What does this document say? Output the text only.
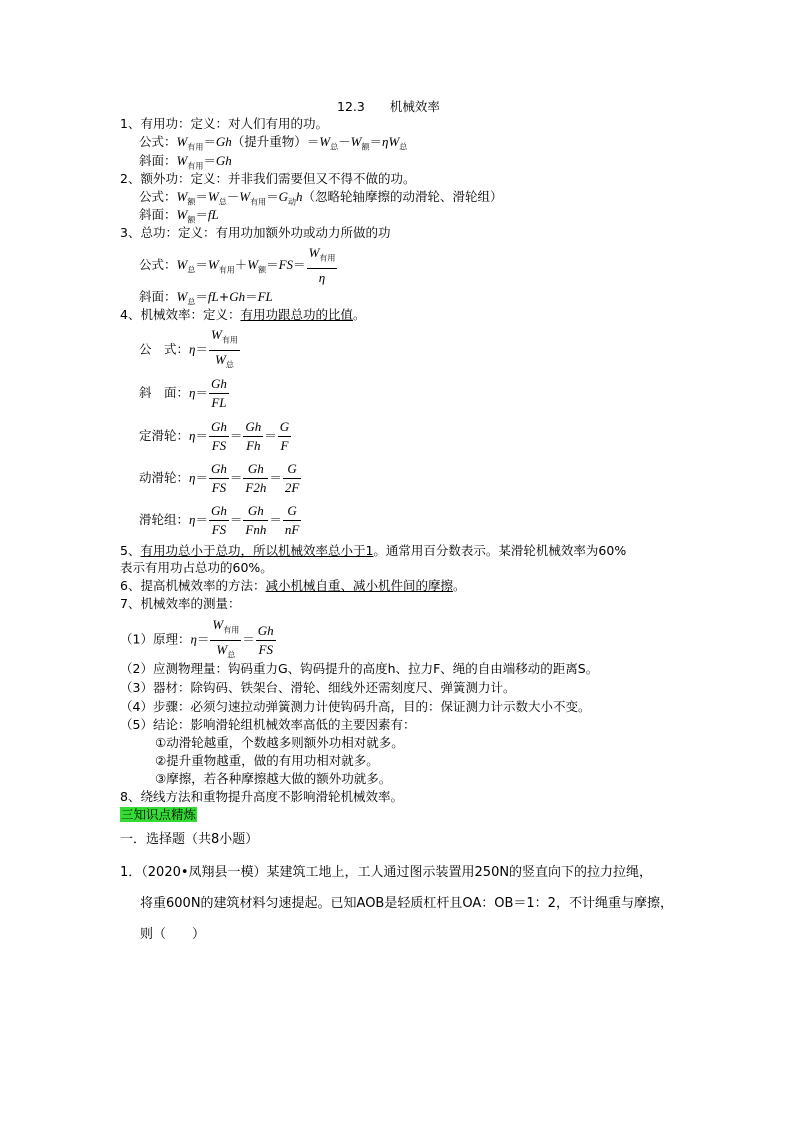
12.3　　机械效率
1、有用功：定义：对人们有用的功。
公式：$W_{有用}=Gh$（提升重物）$=W_总-W_额=\eta W_总$
斜面：$W_{有用}=Gh$
2、额外功：定义：并非我们需要但又不得不做的功。
公式：$W_额=W_总-W_{有用}=G_动h$（忽略轮轴摩擦的动滑轮、滑轮组）
斜面：$W_额=fL$
3、总功：定义：有用功加额外功或动力所做的功
公式：$W_总=W_{有用}+W_额=FS= \frac{W_{有用}}{\eta}$
斜面：$W_总=fL+Gh=FL$
4、机械效率：定义：有用功跟总功的比值。
公　式：$\eta= \frac{W_{有用}}{W_总}$
斜　面：$\eta= \frac{Gh}{FL}$
定滑轮：$\eta= \frac{Gh}{FS} = \frac{Gh}{Fh} = \frac{G}{F}$
动滑轮：$\eta= \frac{Gh}{FS} = \frac{Gh}{F2h} = \frac{G}{2F}$
滑轮组：$\eta= \frac{Gh}{FS} = \frac{Gh}{\text{Fnh}} = \frac{G}{nF}$
5、有用功总小于总功，所以机械效率总小于1。通常用百分数表示。某滑轮机械效率为60%
表示有用功占总功的60%。
6、提高机械效率的方法：减小机械自重、减小机件间的摩擦。
7、机械效率的测量：
（1）原理：$\eta= \frac{W_{有用}}{W_总} = \frac{Gh}{FS}$
（2）应测物理量：钩码重力G、钩码提升的高度h、拉力F、绳的自由端移动的距离S。
（3）器材：除钩码、铁架台、滑轮、细线外还需刻度尺、弹簧测力计。
（4）步骤：必须匀速拉动弹簧测力计使钩码升高，目的：保证测力计示数大小不变。
（5）结论：影响滑轮组机械效率高低的主要因素有：
①动滑轮越重，个数越多则额外功相对就多。
②提升重物越重，做的有用功相对就多。
③摩擦，若各种摩擦越大做的额外功就多。
8、绕线方法和重物提升高度不影响滑轮机械效率。
三知识点精炼
一．选择题（共8小题）
1．（2020•凤翔县一模）某建筑工地上，工人通过图示装置用250N的竖直向下的拉力拉绳，
将重600N的建筑材料匀速提起。已知AOB是轻质杠杆且OA：OB＝1：2，不计绳重与摩擦，
则（　　）
